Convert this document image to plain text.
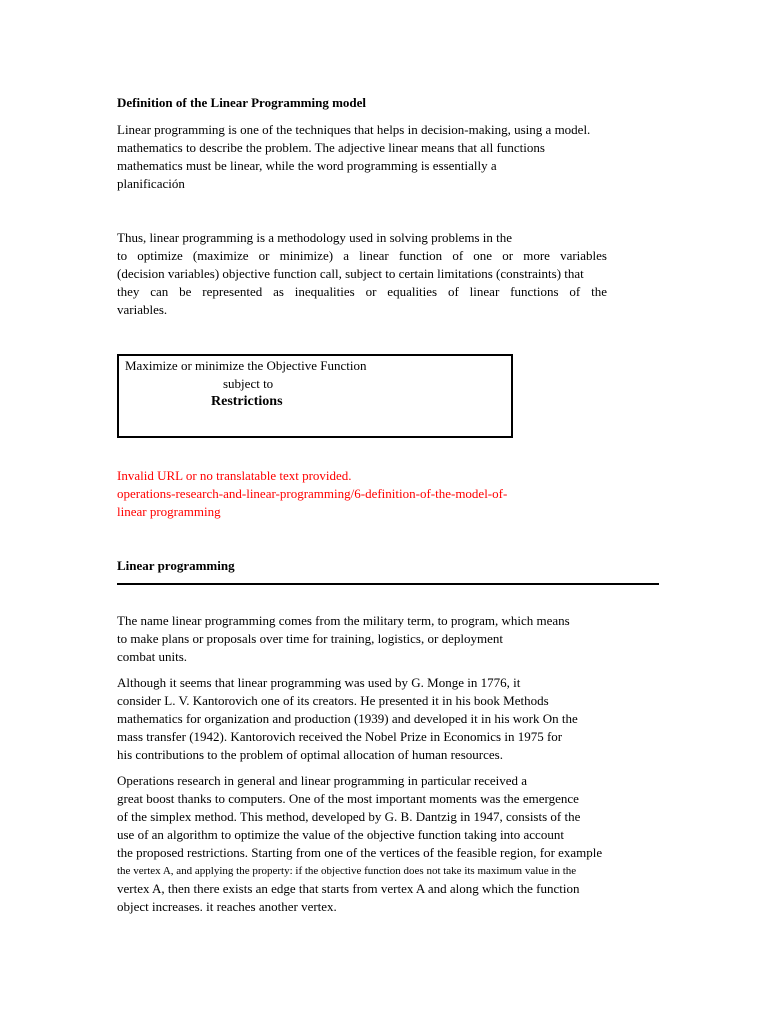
Definition of the Linear Programming model
Linear programming is one of the techniques that helps in decision-making, using a model.
mathematics to describe the problem. The adjective linear means that all functions
mathematics must be linear, while the word programming is essentially a
planificación
Thus, linear programming is a methodology used in solving problems in the
to optimize (maximize or minimize) a linear function of one or more variables
(decision variables) objective function call, subject to certain limitations (constraints) that
they can be represented as inequalities or equalities of linear functions of the
variables.
Maximize or minimize the Objective Function
subject to
Restrictions
Invalid URL or no translatable text provided.
operations-research-and-linear-programming/6-definition-of-the-model-of-
linear programming
Linear programming
The name linear programming comes from the military term, to program, which means
to make plans or proposals over time for training, logistics, or deployment
combat units.
Although it seems that linear programming was used by G. Monge in 1776, it
consider L. V. Kantorovich one of its creators. He presented it in his book Methods
mathematics for organization and production (1939) and developed it in his work On the
mass transfer (1942). Kantorovich received the Nobel Prize in Economics in 1975 for
his contributions to the problem of optimal allocation of human resources.
Operations research in general and linear programming in particular received a
great boost thanks to computers. One of the most important moments was the emergence
of the simplex method. This method, developed by G. B. Dantzig in 1947, consists of the
use of an algorithm to optimize the value of the objective function taking into account
the proposed restrictions. Starting from one of the vertices of the feasible region, for example
the vertex A, and applying the property: if the objective function does not take its maximum value in the
vertex A, then there exists an edge that starts from vertex A and along which the function
object increases. it reaches another vertex.
